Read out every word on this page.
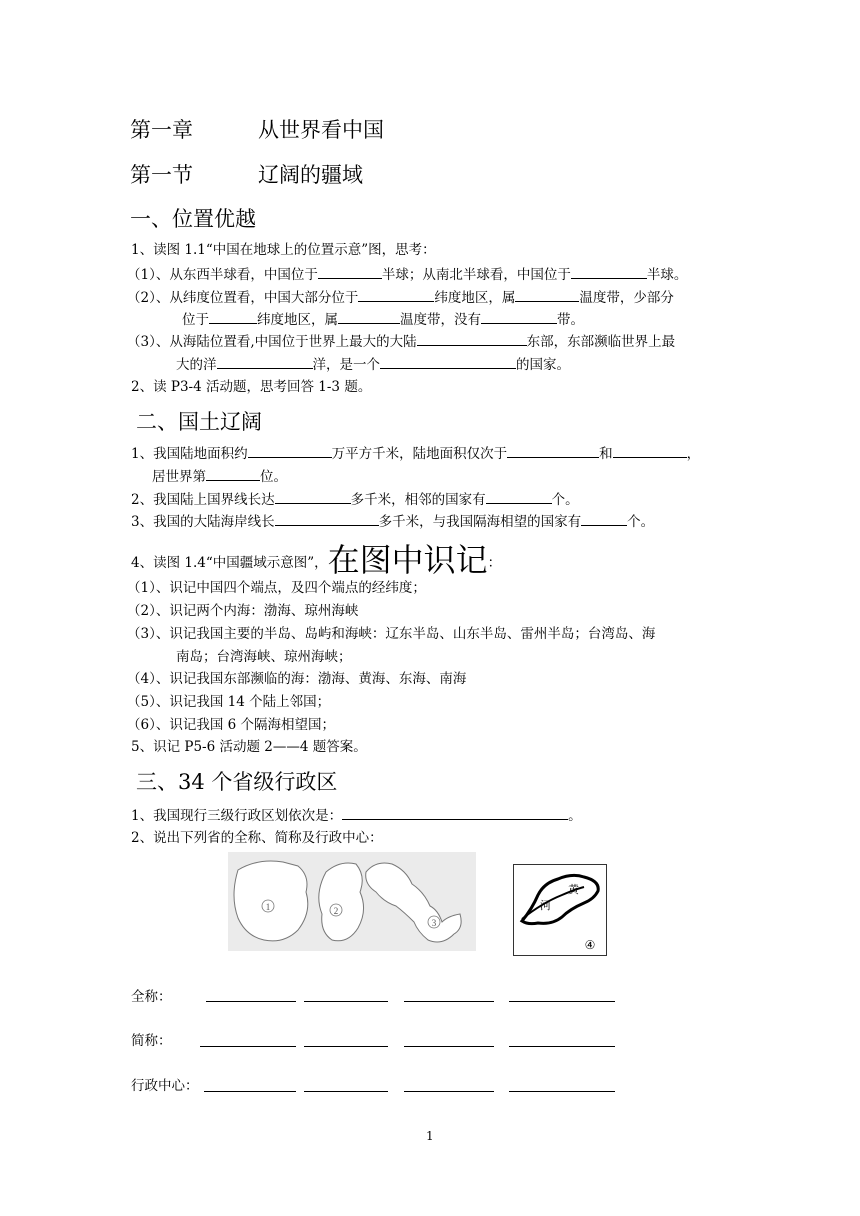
第一章	从世界看中国
第一节	辽阔的疆域
一、位置优越
1、读图 1.1“中国在地球上的位置示意”图，思考：
（1）、从东西半球看，中国位于	半球；从南北半球看，中国位于	半球。
（2）、从纬度位置看，中国大部分位于	纬度地区，属	温度带，少部分
位于	纬度地区，属	温度带，没有	带。
（3）、从海陆位置看,中国位于世界上最大的大陆	东部，东部濒临世界上最
大的洋	洋，是一个	的国家。
2、读 P3-4 活动题，思考回答 1-3 题。
二、国土辽阔
1、我国陆地面积约	万平方千米，陆地面积仅次于	和	，
居世界第	位。
2、我国陆上国界线长达	多千米，相邻的国家有	个。
3、我国的大陆海岸线长	多千米，与我国隔海相望的国家有	个。
4、读图 1.4“中国疆域示意图”，在图中识记：
（1）、识记中国四个端点，及四个端点的经纬度；
（2）、识记两个内海：渤海、琼州海峡
（3）、识记我国主要的半岛、岛屿和海峡：辽东半岛、山东半岛、雷州半岛；台湾岛、海
南岛；台湾海峡、琼州海峡；
（4）、识记我国东部濒临的海：渤海、黄海、东海、南海
（5）、识记我国 14 个陆上邻国；
（6）、识记我国 6 个隔海相望国；
5、识记 P5-6 活动题 2——4 题答案。
三、34 个省级行政区
1、我国现行三级行政区划依次是：	。
2、说出下列省的全称、简称及行政中心：
1	2
3
黄
河
④
全称：
简称：
行政中心：
1
